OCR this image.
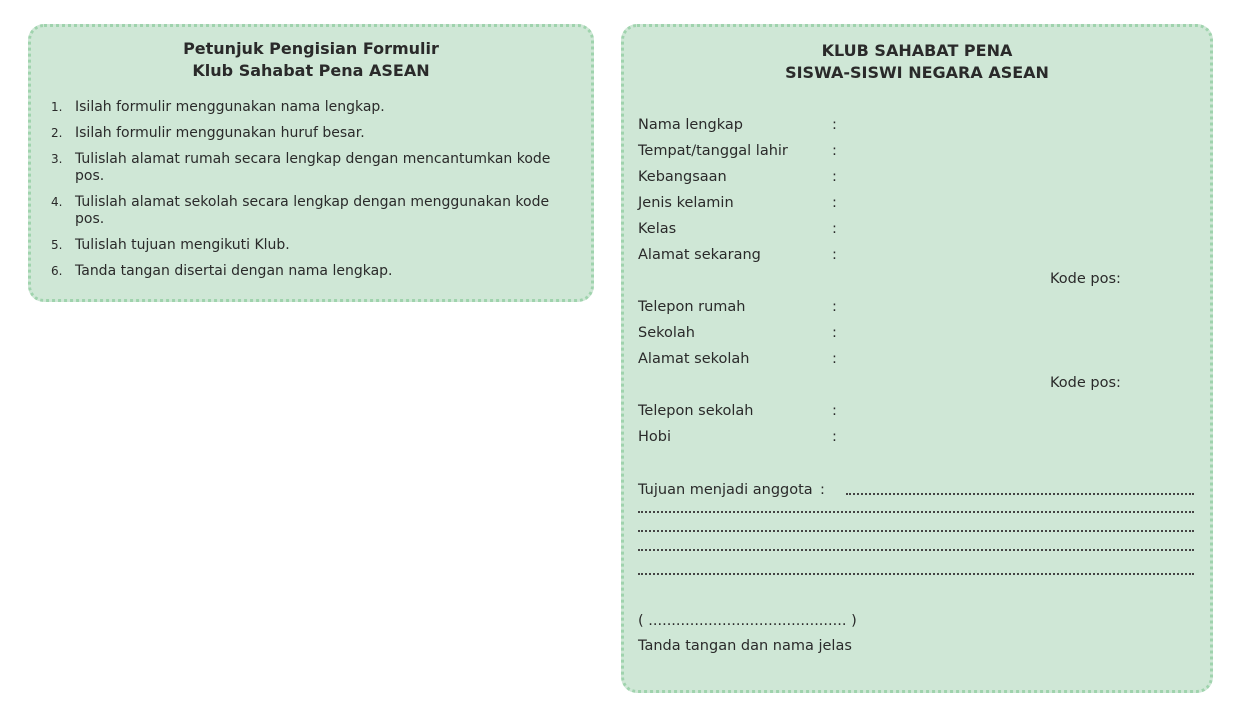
Petunjuk Pengisian Formulir
Klub Sahabat Pena ASEAN
1. Isilah formulir menggunakan nama lengkap.
2. Isilah formulir menggunakan huruf besar.
3. Tulislah alamat rumah secara lengkap dengan mencantumkan kode pos.
4. Tulislah alamat sekolah secara lengkap dengan menggunakan kode pos.
5. Tulislah tujuan mengikuti Klub.
6. Tanda tangan disertai dengan nama lengkap.
KLUB SAHABAT PENA
SISWA-SISWI NEGARA ASEAN
Nama lengkap	:
Tempat/tanggal lahir	:
Kebangsaan	:
Jenis kelamin	:
Kelas	:
Alamat sekarang	:
Kode pos:
Telepon rumah	:
Sekolah	:
Alamat sekolah	:
Kode pos:
Telepon sekolah	:
Hobi	:
Tujuan menjadi anggota :
( ........................................... )
Tanda tangan dan nama jelas
